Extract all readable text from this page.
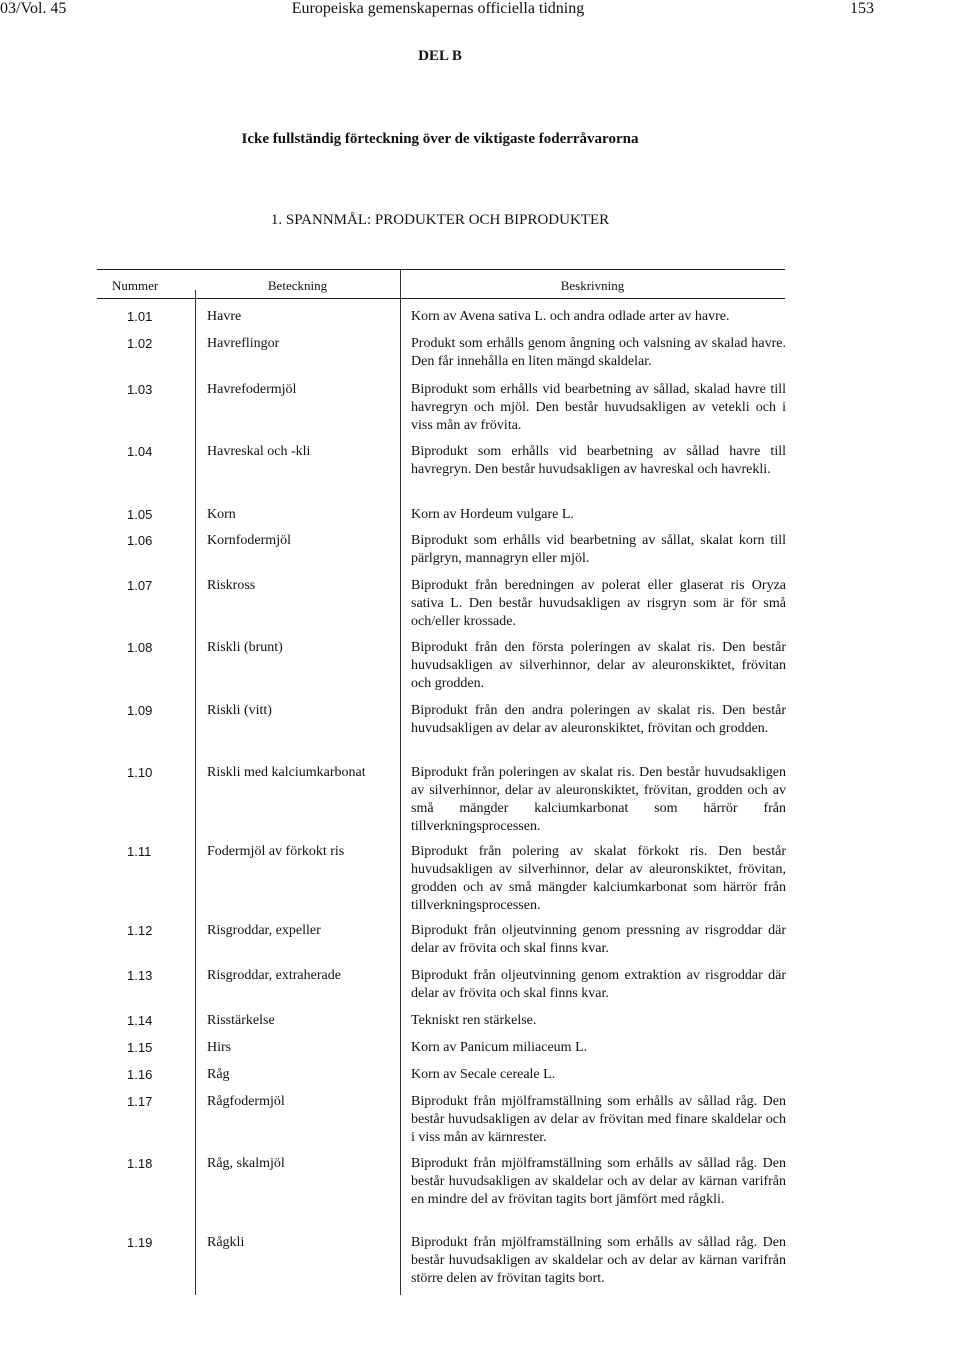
03/Vol. 45	Europeiska gemenskapernas officiella tidning	153
DEL B
Icke fullständig förteckning över de viktigaste foderråvarorna
1. SPANNMÅL: PRODUKTER OCH BIPRODUKTER
Nummer	Beteckning	Beskrivning
1.01	Havre	Korn av Avena sativa L. och andra odlade arter av havre.
1.02	Havreflingor	Produkt som erhålls genom ångning och valsning av skalad havre. Den får innehålla en liten mängd skaldelar.
1.03	Havrefodermjöl	Biprodukt som erhålls vid bearbetning av sållad, skalad havre till havregryn och mjöl. Den består huvudsakligen av vetekli och i viss mån av frövita.
1.04	Havreskal och -kli	Biprodukt som erhålls vid bearbetning av sållad havre till havregryn. Den består huvudsakligen av havreskal och havrekli.
1.05	Korn	Korn av Hordeum vulgare L.
1.06	Kornfodermjöl	Biprodukt som erhålls vid bearbetning av sållat, skalat korn till pärlgryn, mannagryn eller mjöl.
1.07	Riskross	Biprodukt från beredningen av polerat eller glaserat ris Oryza sativa L. Den består huvudsakligen av risgryn som är för små och/eller krossade.
1.08	Riskli (brunt)	Biprodukt från den första poleringen av skalat ris. Den består huvudsakligen av silverhinnor, delar av aleuronskiktet, frövitan och grodden.
1.09	Riskli (vitt)	Biprodukt från den andra poleringen av skalat ris. Den består huvudsakligen av delar av aleuronskiktet, frövitan och grodden.
1.10	Riskli med kalciumkarbonat	Biprodukt från poleringen av skalat ris. Den består huvudsakligen av silverhinnor, delar av aleuronskiktet, frövitan, grodden och av små mängder kalciumkarbonat som härrör från tillverkningsprocessen.
1.11	Fodermjöl av förkokt ris	Biprodukt från polering av skalat förkokt ris. Den består huvudsakligen av silverhinnor, delar av aleuronskiktet, frövitan, grodden och av små mängder kalciumkarbonat som härrör från tillverkningsprocessen.
1.12	Risgroddar, expeller	Biprodukt från oljeutvinning genom pressning av risgroddar där delar av frövita och skal finns kvar.
1.13	Risgroddar, extraherade	Biprodukt från oljeutvinning genom extraktion av risgroddar där delar av frövita och skal finns kvar.
1.14	Risstärkelse	Tekniskt ren stärkelse.
1.15	Hirs	Korn av Panicum miliaceum L.
1.16	Råg	Korn av Secale cereale L.
1.17	Rågfodermjöl	Biprodukt från mjölframställning som erhålls av sållad råg. Den består huvudsakligen av delar av frövitan med finare skaldelar och i viss mån av kärnrester.
1.18	Råg, skalmjöl	Biprodukt från mjölframställning som erhålls av sållad råg. Den består huvudsakligen av skaldelar och av delar av kärnan varifrån en mindre del av frövitan tagits bort jämfört med rågkli.
1.19	Rågkli	Biprodukt från mjölframställning som erhålls av sållad råg. Den består huvudsakligen av skaldelar och av delar av kärnan varifrån större delen av frövitan tagits bort.
